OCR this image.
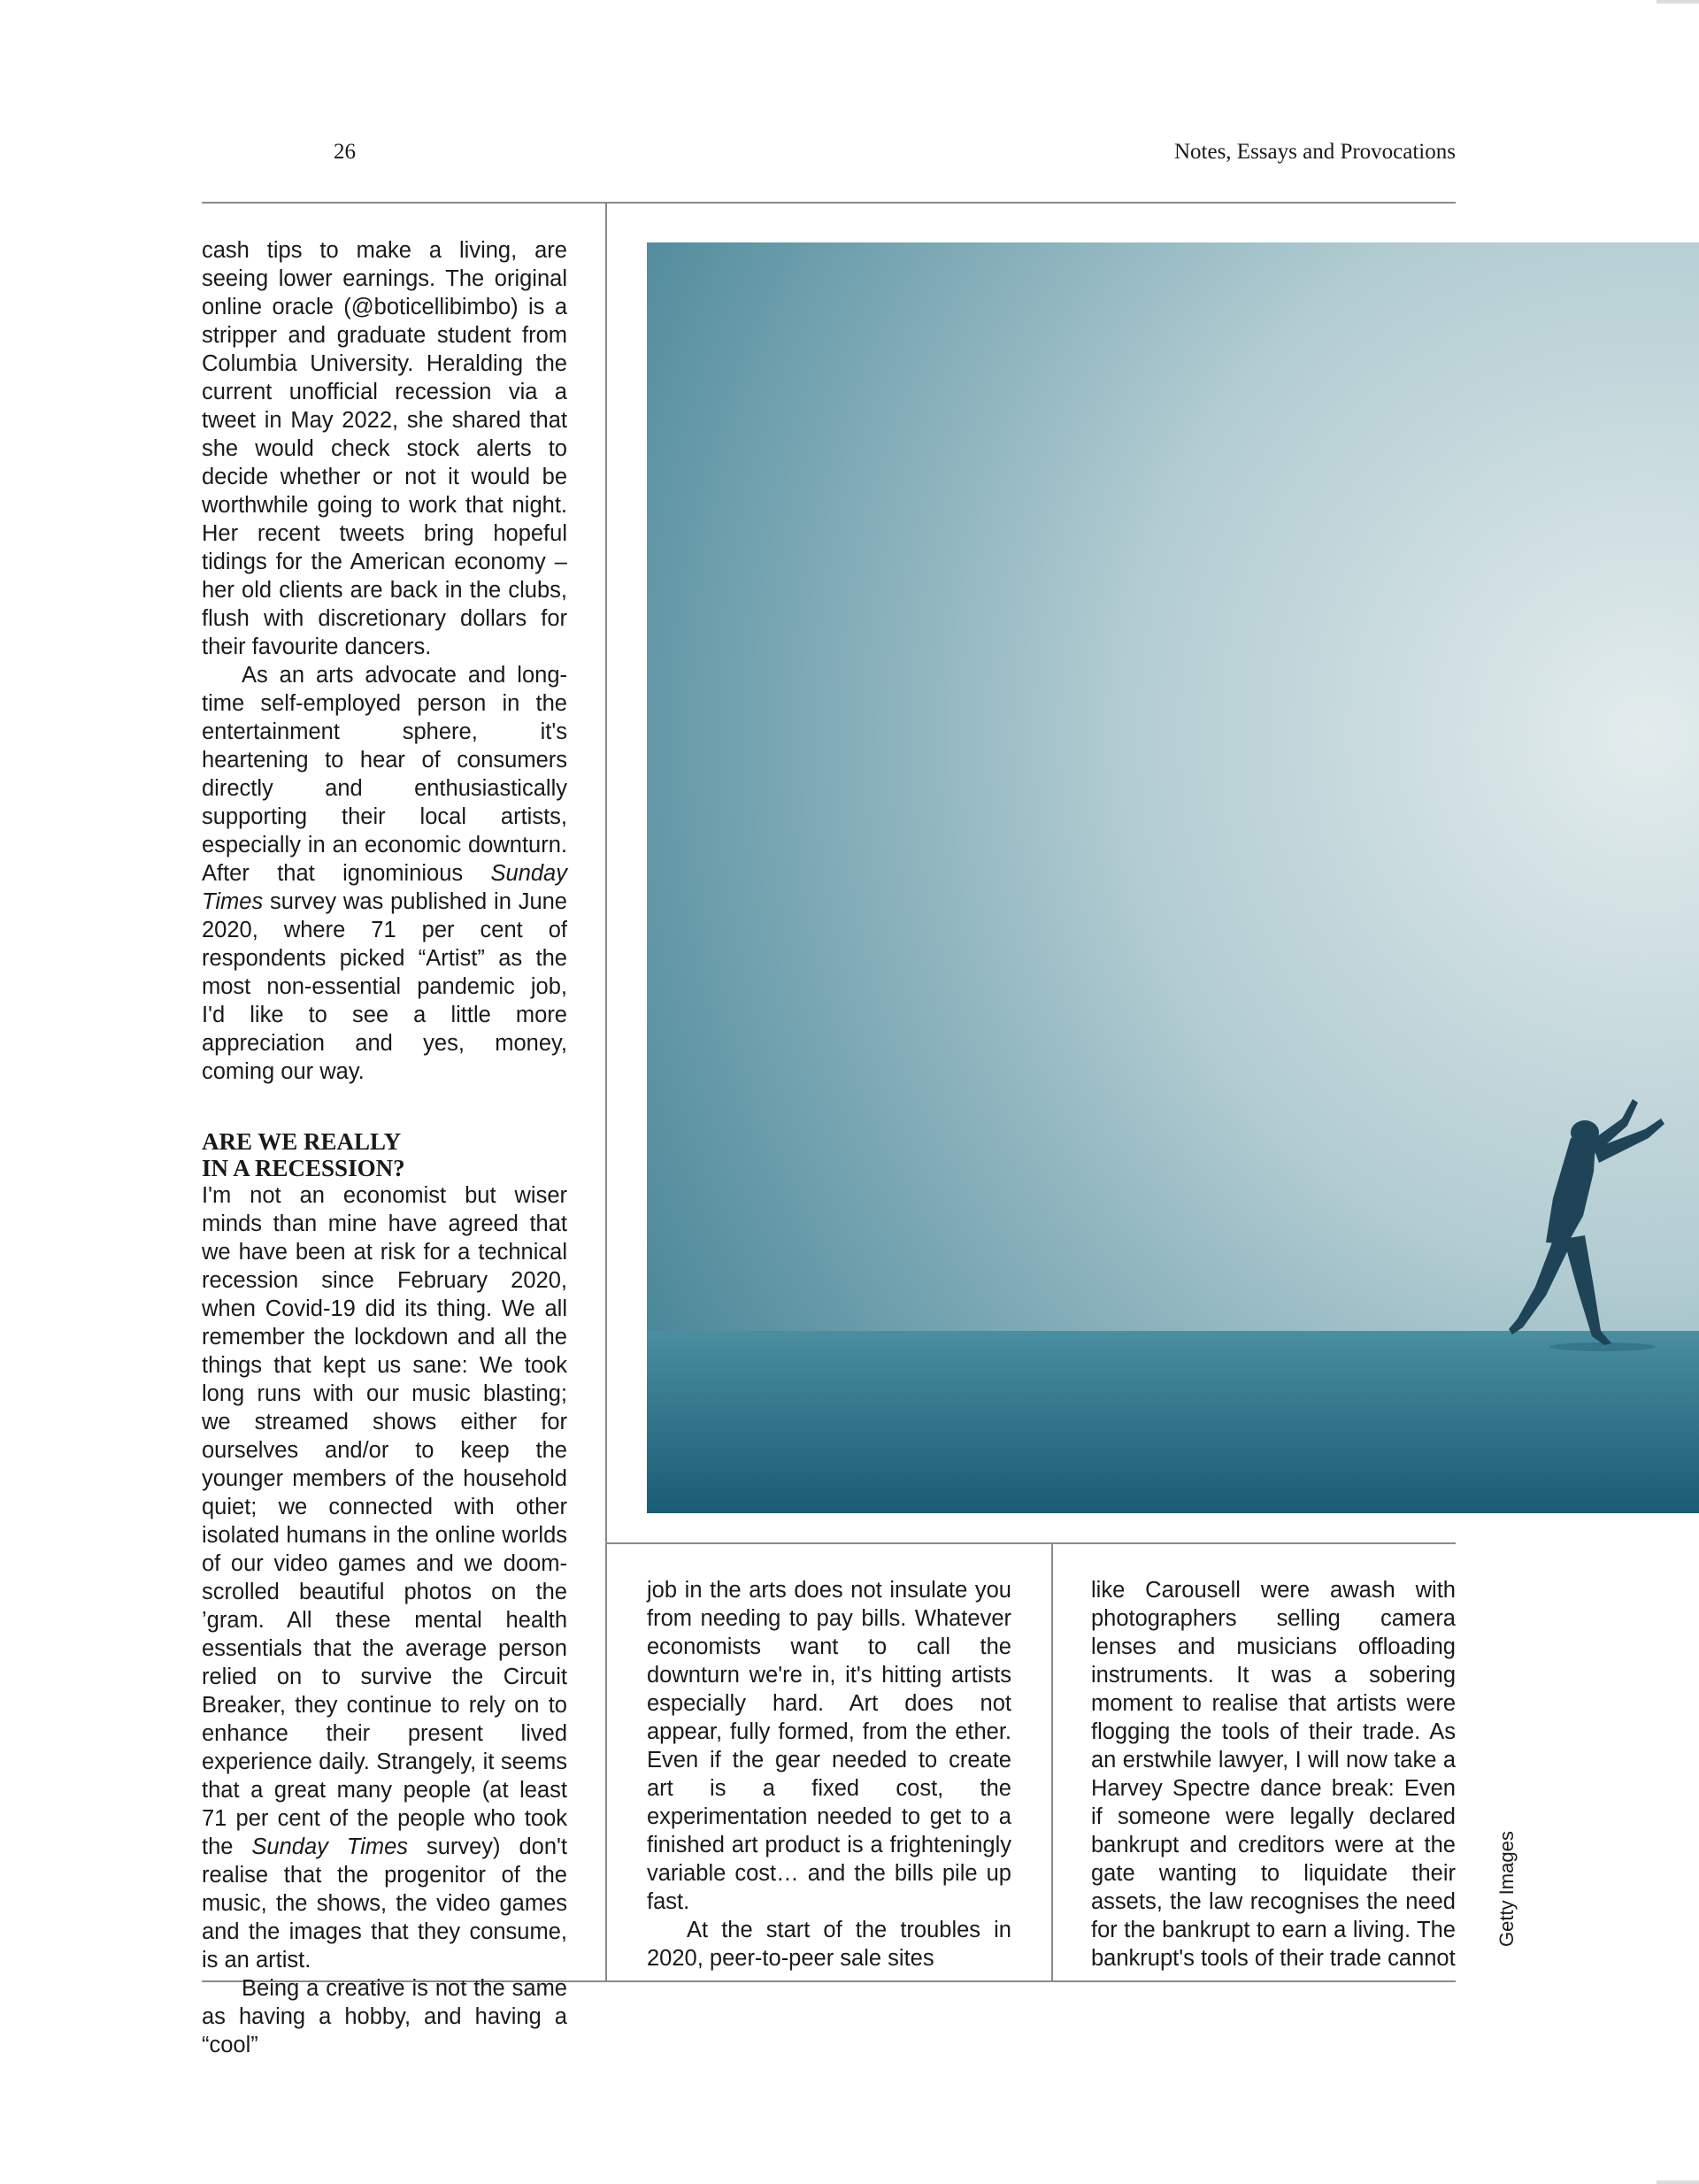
26	Notes, Essays and Provocations

cash tips to make a living, are seeing lower earnings. The original online oracle (@boticellibimbo) is a stripper and graduate student from Columbia University. Heralding the current unofficial recession via a tweet in May 2022, she shared that she would check stock alerts to decide whether or not it would be worthwhile going to work that night. Her recent tweets bring hopeful tidings for the American economy – her old clients are back in the clubs, flush with discretionary dollars for their favourite dancers.

As an arts advocate and long-time self-employed person in the entertainment sphere, it's heartening to hear of consumers directly and enthusiastically supporting their local artists, especially in an economic downturn. After that ignominious Sunday Times survey was published in June 2020, where 71 per cent of respondents picked “Artist” as the most non-essential pandemic job, I'd like to see a little more appreciation and yes, money, coming our way.

ARE WE REALLY
IN A RECESSION?

I'm not an economist but wiser minds than mine have agreed that we have been at risk for a technical recession since February 2020, when Covid-19 did its thing. We all remember the lockdown and all the things that kept us sane: We took long runs with our music blasting; we streamed shows either for ourselves and/or to keep the younger members of the household quiet; we connected with other isolated humans in the online worlds of our video games and we doom-scrolled beautiful photos on the ’gram. All these mental health essentials that the average person relied on to survive the Circuit Breaker, they continue to rely on to enhance their present lived experience daily. Strangely, it seems that a great many people (at least 71 per cent of the people who took the Sunday Times survey) don't realise that the progenitor of the music, the shows, the video games and the images that they consume, is an artist.

Being a creative is not the same as having a hobby, and having a “cool”

job in the arts does not insulate you from needing to pay bills. Whatever economists want to call the downturn we're in, it's hitting artists especially hard. Art does not appear, fully formed, from the ether. Even if the gear needed to create art is a fixed cost, the experimentation needed to get to a finished art product is a frighteningly variable cost… and the bills pile up fast.

At the start of the troubles in 2020, peer-to-peer sale sites

like Carousell were awash with photographers selling camera lenses and musicians offloading instruments. It was a sobering moment to realise that artists were flogging the tools of their trade. As an erstwhile lawyer, I will now take a Harvey Spectre dance break: Even if someone were legally declared bankrupt and creditors were at the gate wanting to liquidate their assets, the law recognises the need for the bankrupt to earn a living. The bankrupt's tools of their trade cannot

Getty Images
